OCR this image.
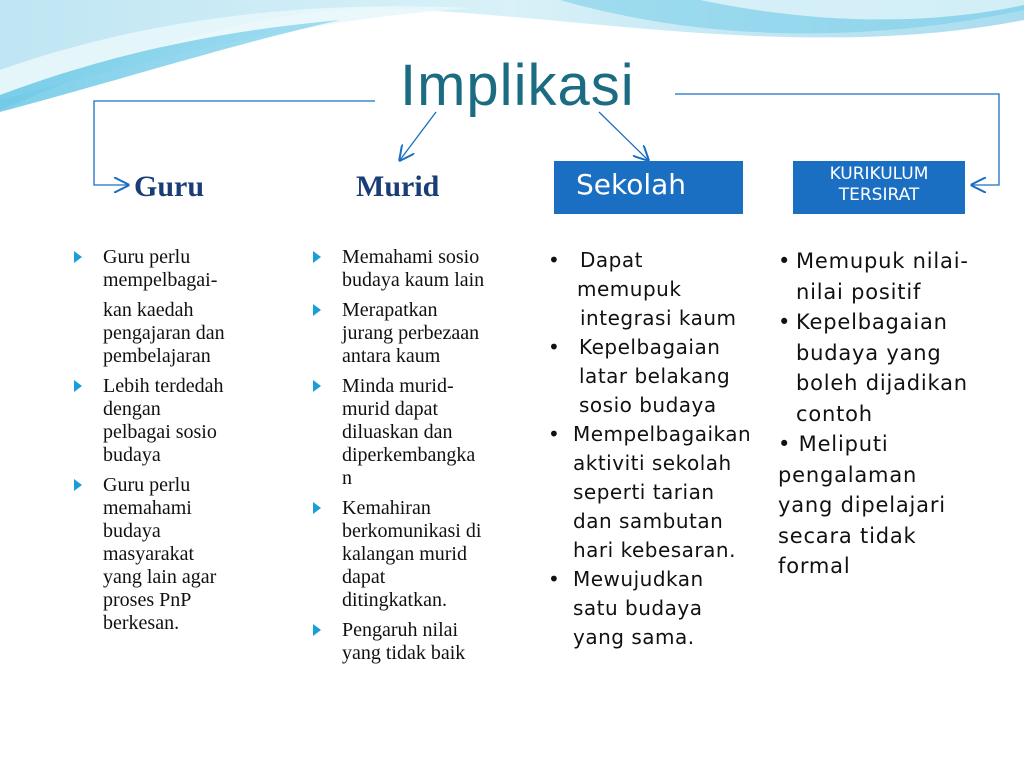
Implikasi
Guru	Murid	Sekolah	KURIKULUM
TERSIRAT
Guru perlu
mempelbagai-
kan kaedah
pengajaran dan
pembelajaran
Lebih terdedah
dengan
pelbagai sosio
budaya
Guru perlu
memahami
budaya
masyarakat
yang lain agar
proses PnP
berkesan.
Memahami sosio
budaya kaum lain
Merapatkan
jurang perbezaan
antara kaum
Minda murid-
murid dapat
diluaskan dan
diperkembangka
n
Kemahiran
berkomunikasi di
kalangan murid
dapat
ditingkatkan.
Pengaruh nilai
yang tidak baik
• Dapat
memupuk
integrasi kaum
• Kepelbagaian
latar belakang
sosio budaya
• Mempelbagaikan
aktiviti sekolah
seperti tarian
dan sambutan
hari kebesaran.
• Mewujudkan
satu budaya
yang sama.
• Memupuk nilai-
nilai positif
• Kepelbagaian
budaya yang
boleh dijadikan
contoh
• Meliputi
pengalaman
yang dipelajari
secara tidak
formal
